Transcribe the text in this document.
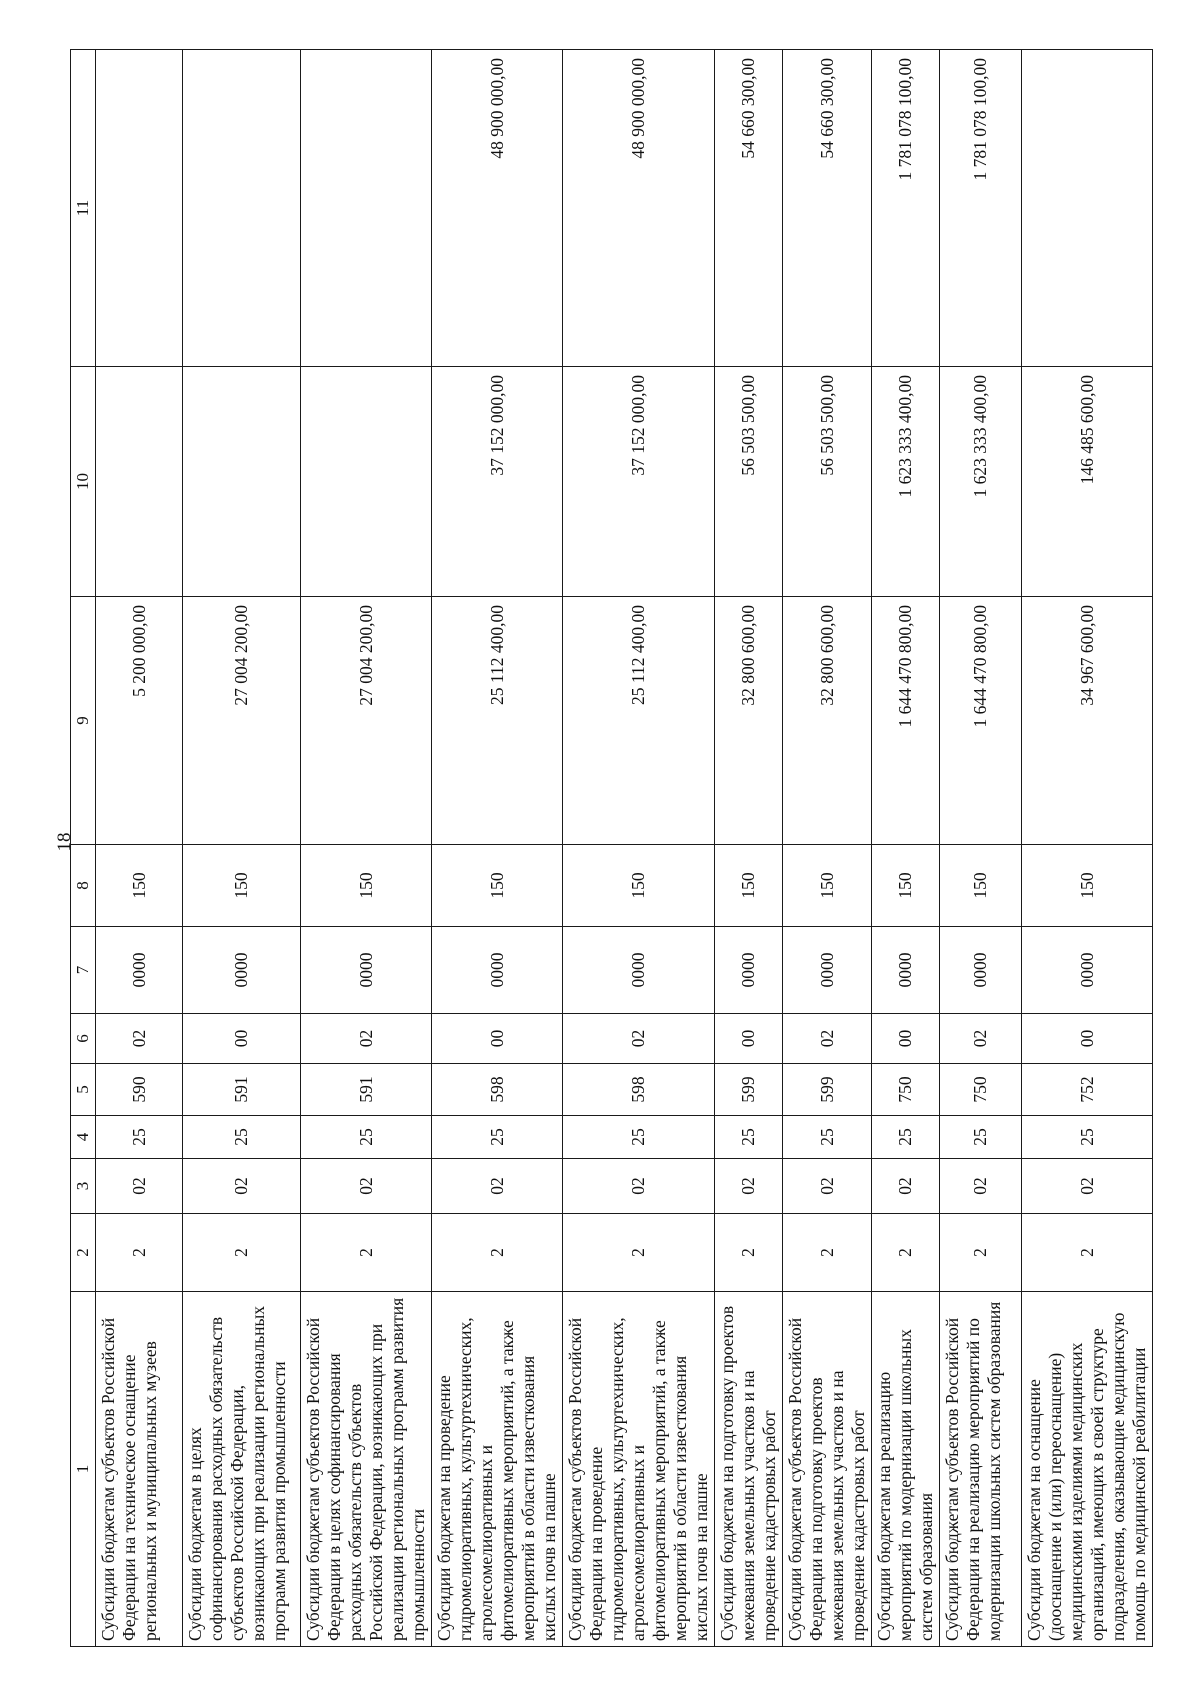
18
1	2	3	4	5	6	7	8	9	10	11
Субсидии бюджетам субъектов Российской Федерации на техническое оснащение региональных и муниципальных музеев	2	02	25	590	02	0000	150	5 200 000,00		
Субсидии бюджетам в целях софинансирования расходных обязательств субъектов Российской Федерации, возникающих при реализации региональных программ развития промышленности	2	02	25	591	00	0000	150	27 004 200,00		
Субсидии бюджетам субъектов Российской Федерации в целях софинансирования расходных обязательств субъектов Российской Федерации, возникающих при реализации региональных программ развития промышленности	2	02	25	591	02	0000	150	27 004 200,00		
Субсидии бюджетам на проведение гидромелиоративных, культуртехнических, агролесомелиоративных и фитомелиоративных мероприятий, а также мероприятий в области известкования кислых почв на пашне	2	02	25	598	00	0000	150	25 112 400,00	37 152 000,00	48 900 000,00
Субсидии бюджетам субъектов Российской Федерации на проведение гидромелиоративных, культуртехнических, агролесомелиоративных и фитомелиоративных мероприятий, а также мероприятий в области известкования кислых почв на пашне	2	02	25	598	02	0000	150	25 112 400,00	37 152 000,00	48 900 000,00
Субсидии бюджетам на подготовку проектов межевания земельных участков и на проведение кадастровых работ	2	02	25	599	00	0000	150	32 800 600,00	56 503 500,00	54 660 300,00
Субсидии бюджетам субъектов Российской Федерации на подготовку проектов межевания земельных участков и на проведение кадастровых работ	2	02	25	599	02	0000	150	32 800 600,00	56 503 500,00	54 660 300,00
Субсидии бюджетам на реализацию мероприятий по модернизации школьных систем образования	2	02	25	750	00	0000	150	1 644 470 800,00	1 623 333 400,00	1 781 078 100,00
Субсидии бюджетам субъектов Российской Федерации на реализацию мероприятий по модернизации школьных систем образования	2	02	25	750	02	0000	150	1 644 470 800,00	1 623 333 400,00	1 781 078 100,00
Субсидии бюджетам на оснащение (дооснащение и (или) переоснащение) медицинскими изделиями медицинских организаций, имеющих в своей структуре подразделения, оказывающие медицинскую помощь по медицинской реабилитации	2	02	25	752	00	0000	150	34 967 600,00	146 485 600,00	
